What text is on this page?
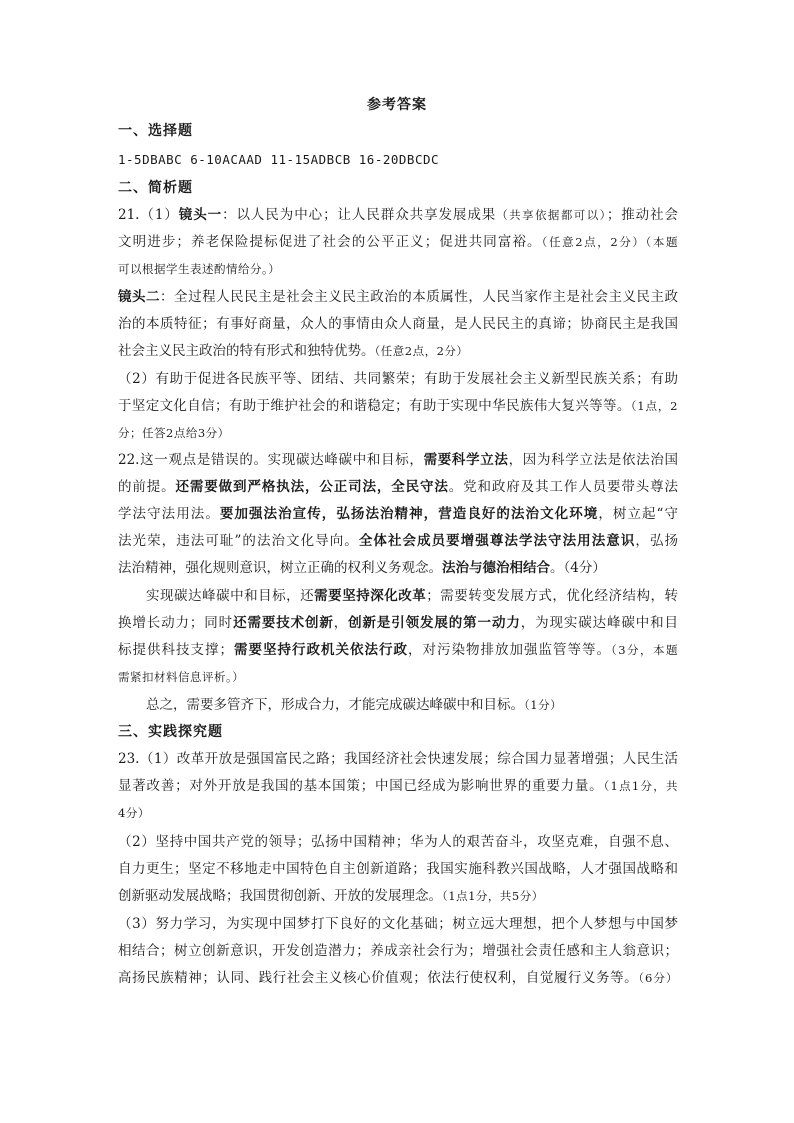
参考答案
一、选择题
1-5DBABC 6-10ACAAD 11-15ADBCB 16-20DBCDC
二、简析题
21.（1）镜头一：以人民为中心；让人民群众共享发展成果（共享依据都可以）；推动社会
文明进步；养老保险提标促进了社会的公平正义；促进共同富裕。（任意2点，2分）（本题
可以根据学生表述酌情给分。）
镜头二：全过程人民民主是社会主义民主政治的本质属性，人民当家作主是社会主义民主政
治的本质特征；有事好商量，众人的事情由众人商量，是人民民主的真谛；协商民主是我国
社会主义民主政治的特有形式和独特优势。（任意2点，2分）
（2）有助于促进各民族平等、团结、共同繁荣；有助于发展社会主义新型民族关系；有助
于坚定文化自信；有助于维护社会的和谐稳定；有助于实现中华民族伟大复兴等等。（1点，2
分；任答2点给3分）
22.这一观点是错误的。实现碳达峰碳中和目标，需要科学立法，因为科学立法是依法治国
的前提。还需要做到严格执法，公正司法，全民守法。党和政府及其工作人员要带头尊法
学法守法用法。要加强法治宣传，弘扬法治精神，营造良好的法治文化环境，树立起“守
法光荣，违法可耻”的法治文化导向。全体社会成员要增强尊法学法守法用法意识，弘扬
法治精神，强化规则意识，树立正确的权利义务观念。法治与德治相结合。（4分）
实现碳达峰碳中和目标，还需要坚持深化改革；需要转变发展方式，优化经济结构，转
换增长动力；同时还需要技术创新，创新是引领发展的第一动力，为现实碳达峰碳中和目
标提供科技支撑；需要坚持行政机关依法行政，对污染物排放加强监管等等。（3分，本题
需紧扣材料信息评析。）
总之，需要多管齐下，形成合力，才能完成碳达峰碳中和目标。（1分）
三、实践探究题
23.（1）改革开放是强国富民之路；我国经济社会快速发展；综合国力显著增强；人民生活
显著改善；对外开放是我国的基本国策；中国已经成为影响世界的重要力量。（1点1分，共
4分）
（2）坚持中国共产党的领导；弘扬中国精神；华为人的艰苦奋斗，攻坚克难，自强不息、
自力更生；坚定不移地走中国特色自主创新道路；我国实施科教兴国战略，人才强国战略和
创新驱动发展战略；我国贯彻创新、开放的发展理念。（1点1分，共5分）
（3）努力学习，为实现中国梦打下良好的文化基础；树立远大理想，把个人梦想与中国梦
相结合；树立创新意识，开发创造潜力；养成亲社会行为；增强社会责任感和主人翁意识；
高扬民族精神；认同、践行社会主义核心价值观；依法行使权利，自觉履行义务等。（6分）
